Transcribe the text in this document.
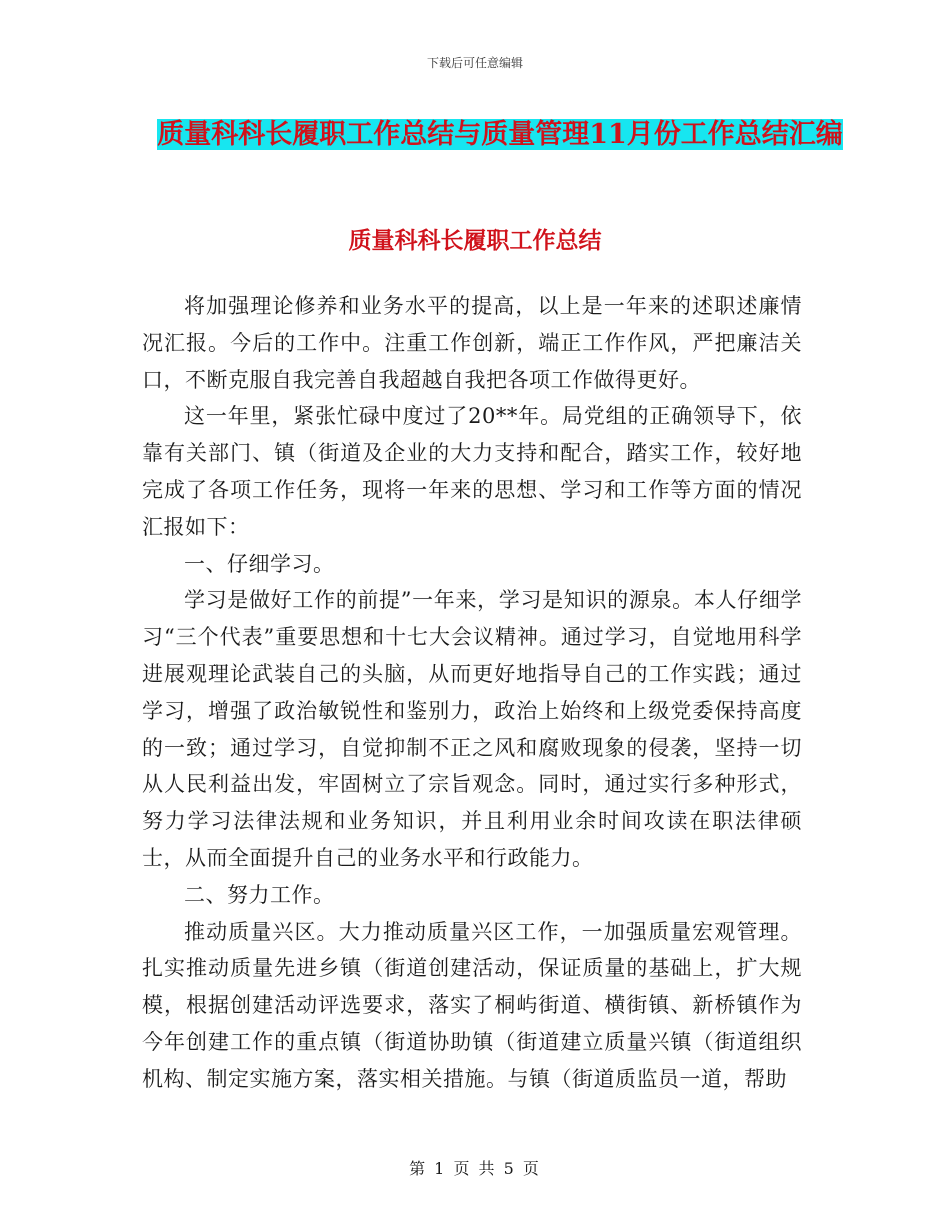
下载后可任意编辑
质量科科长履职工作总结与质量管理11月份工作总结汇编
质量科科长履职工作总结

将加强理论修养和业务水平的提高，以上是一年来的述职述廉情况汇报。今后的工作中。注重工作创新，端正工作作风，严把廉洁关口，不断克服自我完善自我超越自我把各项工作做得更好。

这一年里，紧张忙碌中度过了20**年。局党组的正确领导下，依靠有关部门、镇（街道及企业的大力支持和配合，踏实工作，较好地完成了各项工作任务，现将一年来的思想、学习和工作等方面的情况汇报如下：

一、仔细学习。

学习是做好工作的前提”一年来，学习是知识的源泉。本人仔细学习“三个代表”重要思想和十七大会议精神。通过学习，自觉地用科学进展观理论武装自己的头脑，从而更好地指导自己的工作实践；通过学习，增强了政治敏锐性和鉴别力，政治上始终和上级党委保持高度的一致；通过学习，自觉抑制不正之风和腐败现象的侵袭，坚持一切从人民利益出发，牢固树立了宗旨观念。同时，通过实行多种形式，努力学习法律法规和业务知识，并且利用业余时间攻读在职法律硕士，从而全面提升自己的业务水平和行政能力。

二、努力工作。

推动质量兴区。大力推动质量兴区工作，一加强质量宏观管理。扎实推动质量先进乡镇（街道创建活动，保证质量的基础上，扩大规模，根据创建活动评选要求，落实了桐屿街道、横街镇、新桥镇作为今年创建工作的重点镇（街道协助镇（街道建立质量兴镇（街道组织机构、制定实施方案，落实相关措施。与镇（街道质监员一道，帮助

第 1 页 共 5 页
